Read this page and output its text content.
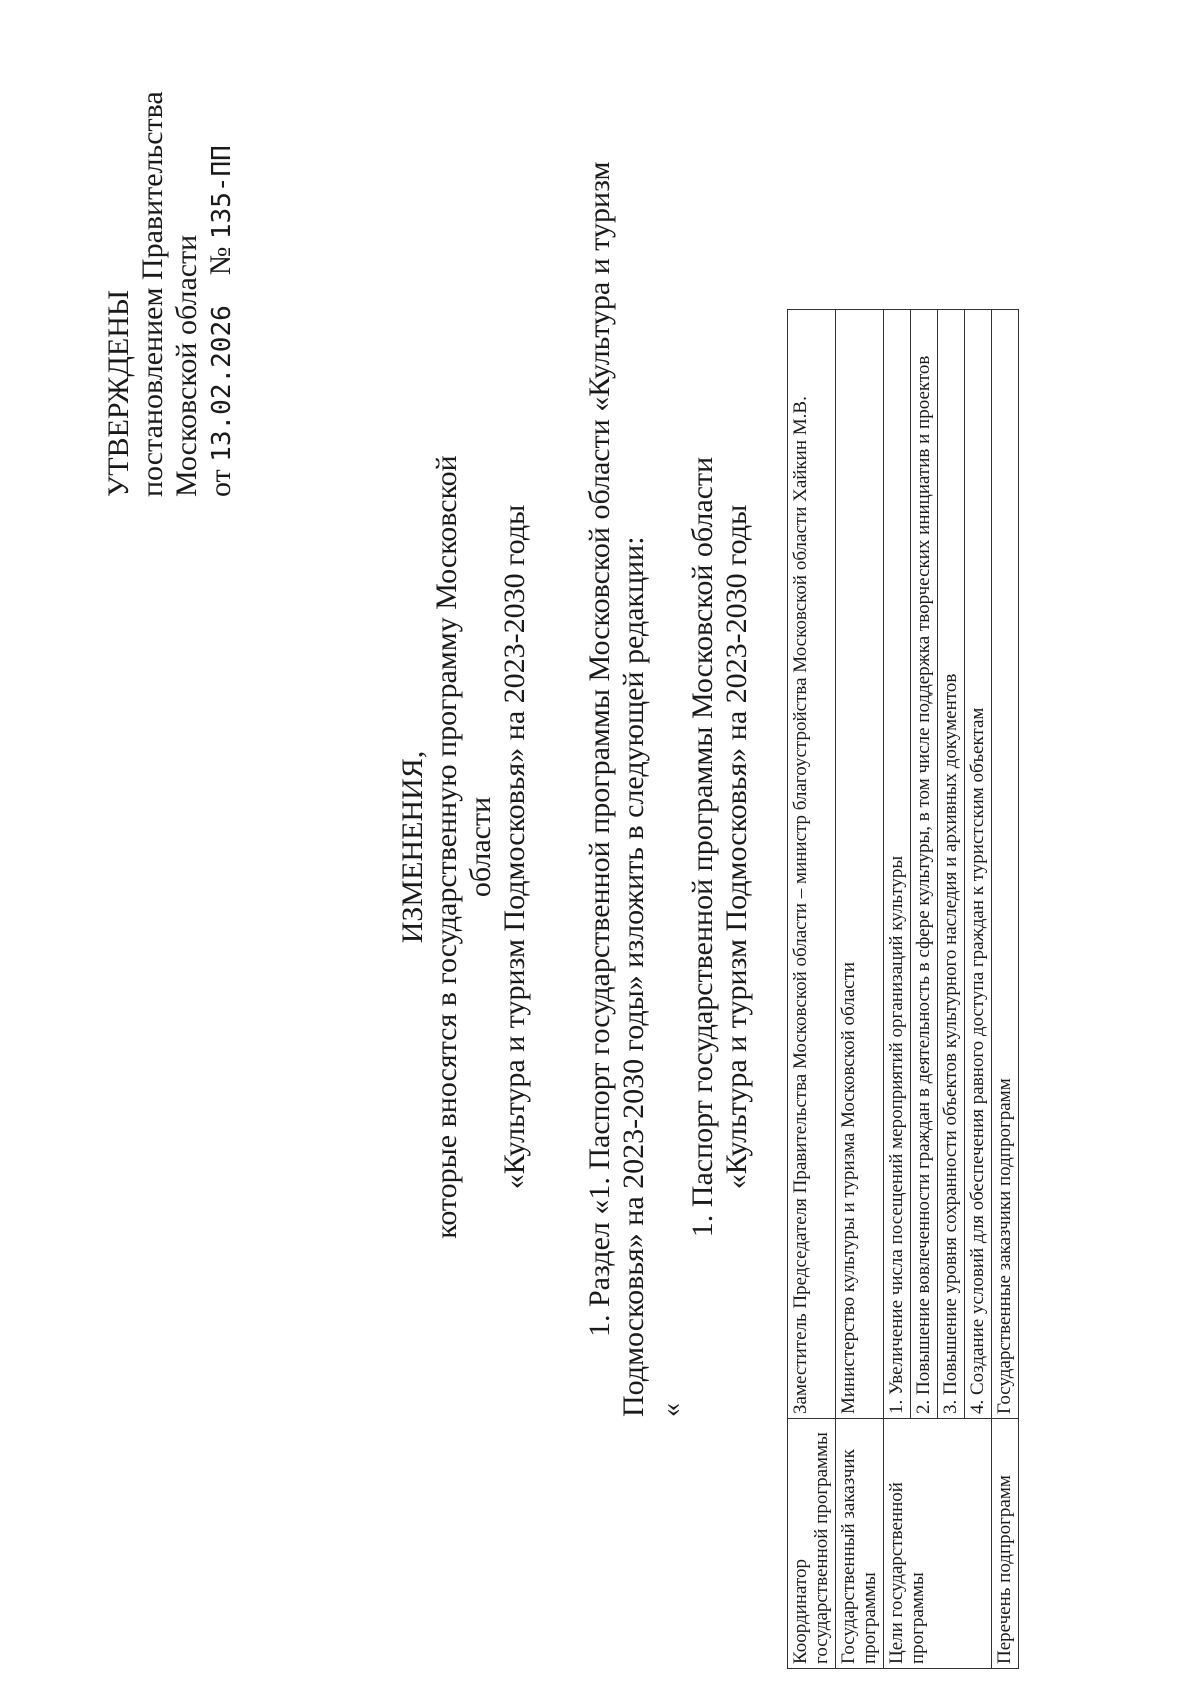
УТВЕРЖДЕНЫ постановлением Правительства Московской области от 13.02.2026    № 135-ПП
ИЗМЕНЕНИЯ, которые вносятся в государственную программу Московской области «Культура и туризм Подмосковья» на 2023-2030 годы 1. Раздел «1. Паспорт государственной программы Московской области «Культура и туризм Подмосковья» на 2023-2030 годы» изложить в следующей редакции: «
1. Паспорт государственной программы Московской области «Культура и туризм Подмосковья» на 2023-2030 годы
Координатор государственной программы	Заместитель Председателя Правительства Московской области – министр благоустройства Московской области Хайкин М.В.
Государственный заказчик программы	Министерство культуры и туризма Московской области
Цели государственной программы	1. Увеличение числа посещений мероприятий организаций культуры
	2. Повышение вовлеченности граждан в деятельность в сфере культуры, в том числе поддержка творческих инициатив и проектов
	3. Повышение уровня сохранности объектов культурного наследия и архивных документов
	4. Создание условий для обеспечения равного доступа граждан к туристским объектам
Перечень подпрограмм	Государственные заказчики подпрограмм
